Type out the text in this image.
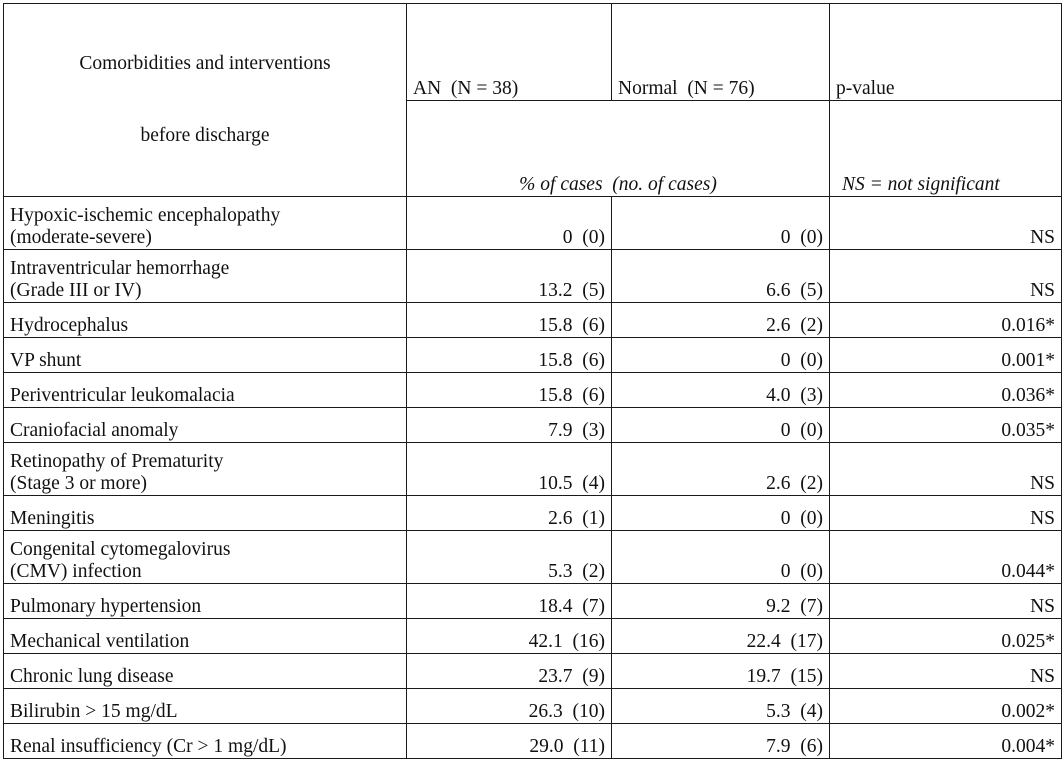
Comorbidities and interventions

before discharge	AN  (N = 38)	Normal  (N = 76)	p-value
	% of cases  (no. of cases)		NS = not significant

Hypoxic-ischemic encephalopathy
(moderate-severe)	0  (0)	0  (0)	NS

Intraventricular hemorrhage
(Grade III or IV)	13.2  (5)	6.6  (5)	NS

Hydrocephalus	15.8  (6)	2.6  (2)	0.016*

VP shunt	15.8  (6)	0  (0)	0.001*

Periventricular leukomalacia	15.8  (6)	4.0  (3)	0.036*

Craniofacial anomaly	7.9  (3)	0  (0)	0.035*

Retinopathy of Prematurity
(Stage 3 or more)	10.5  (4)	2.6  (2)	NS

Meningitis	2.6  (1)	0  (0)	NS

Congenital cytomegalovirus
(CMV) infection	5.3  (2)	0  (0)	0.044*

Pulmonary hypertension	18.4  (7)	9.2  (7)	NS

Mechanical ventilation	42.1  (16)	22.4  (17)	0.025*

Chronic lung disease	23.7  (9)	19.7  (15)	NS

Bilirubin > 15 mg/dL	26.3  (10)	5.3  (4)	0.002*

Renal insufficiency (Cr > 1 mg/dL)	29.0  (11)	7.9  (6)	0.004*
